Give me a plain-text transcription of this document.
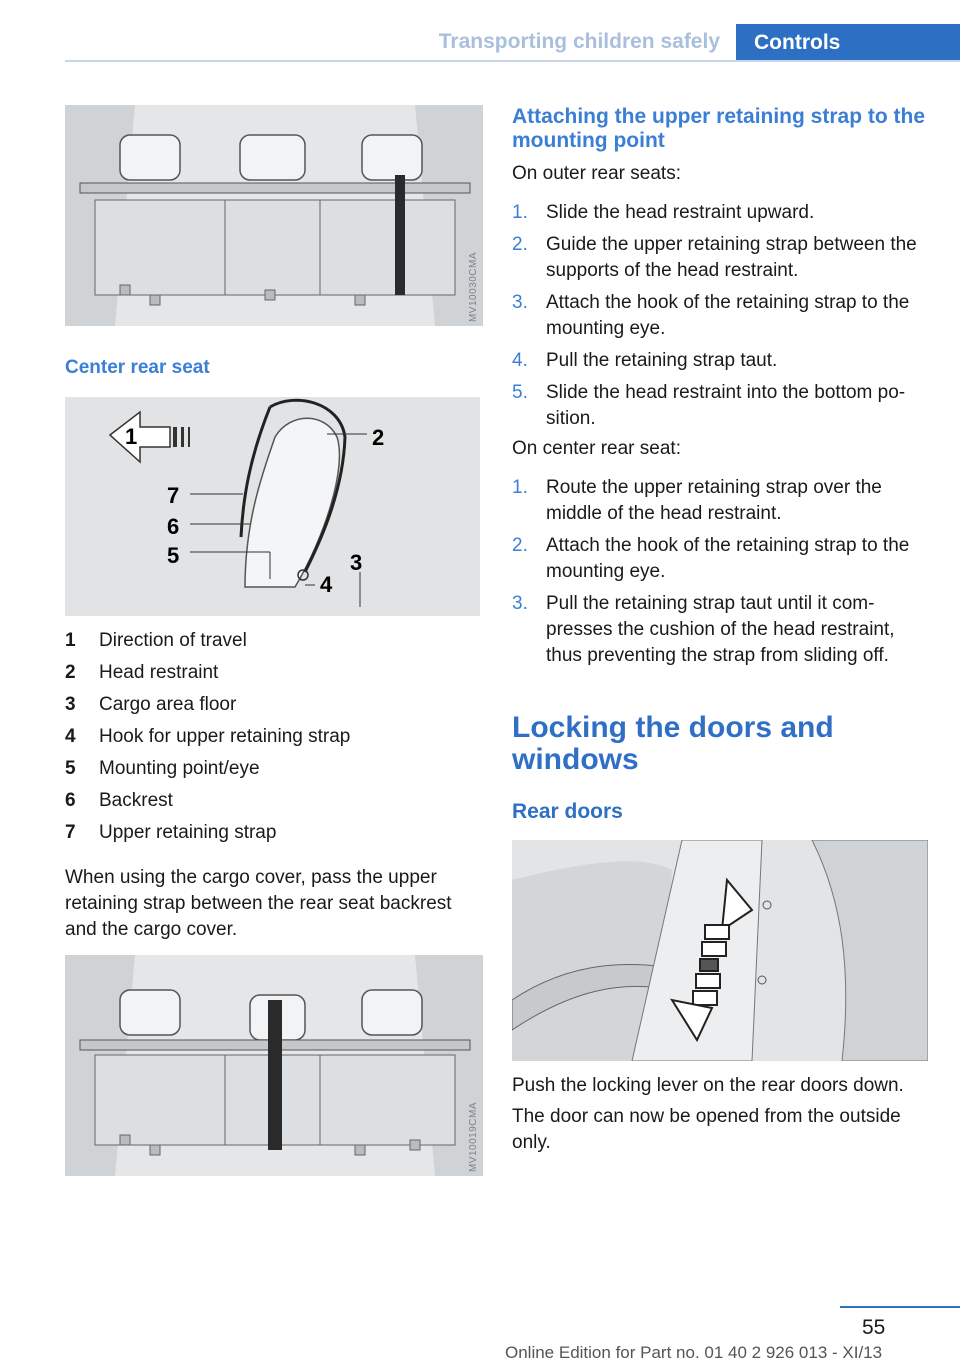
Transporting children safely Controls
MV10030CMA
Center rear seat
1	2
3
4
5
6
7
1	Direction of travel
2	Head restraint
3	Cargo area floor
4	Hook for upper retaining strap
5	Mounting point/eye
6	Backrest
7	Upper retaining strap

When using the cargo cover, pass the upper retaining strap between the rear seat backrest and the cargo cover.

MV10019CMA
Attaching the upper retaining strap to the mounting point

On outer rear seats:

1. Slide the head restraint upward.
2. Guide the upper retaining strap between the supports of the head restraint.
3. Attach the hook of the retaining strap to the mounting eye.
4. Pull the retaining strap taut.
5. Slide the head restraint into the bottom position.

On center rear seat:

1. Route the upper retaining strap over the middle of the head restraint.
2. Attach the hook of the retaining strap to the mounting eye.
3. Pull the retaining strap taut until it compresses the cushion of the head restraint, thus preventing the strap from sliding off.
Locking the doors and windows
Rear doors

Push the locking lever on the rear doors down.

The door can now be opened from the outside only.

55
Online Edition for Part no. 01 40 2 926 013 - XI/13
